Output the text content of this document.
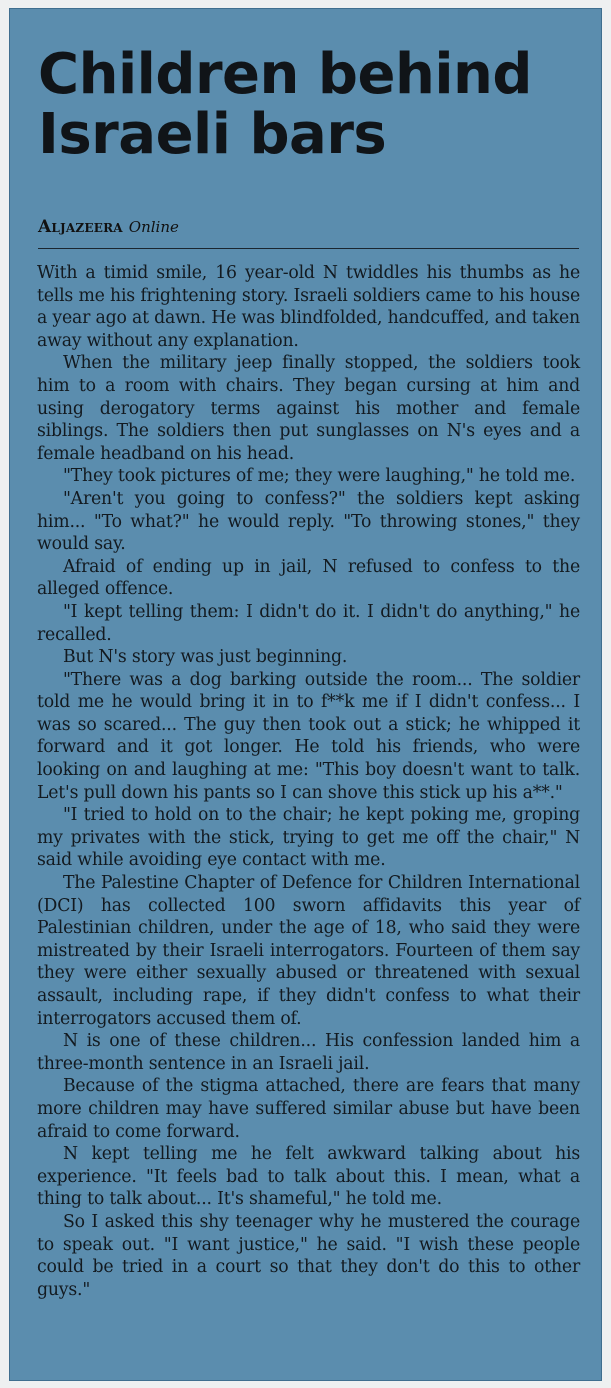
Children behind Israeli bars
Aljazeera Online

With a timid smile, 16 year-old N twiddles his thumbs as he tells me his frightening story. Israeli soldiers came to his house a year ago at dawn. He was blindfolded, handcuffed, and taken away without any explanation.

When the military jeep finally stopped, the soldiers took him to a room with chairs. They began cursing at him and using derogatory terms against his mother and female siblings. The soldiers then put sunglasses on N's eyes and a female headband on his head.

"They took pictures of me; they were laughing," he told me.

"Aren't you going to confess?" the soldiers kept asking him... "To what?" he would reply. "To throwing stones," they would say.

Afraid of ending up in jail, N refused to confess to the alleged offence.

"I kept telling them: I didn't do it. I didn't do anything," he recalled.

But N's story was just beginning.

"There was a dog barking outside the room... The soldier told me he would bring it in to f**k me if I didn't confess... I was so scared... The guy then took out a stick; he whipped it forward and it got longer. He told his friends, who were looking on and laughing at me: "This boy doesn't want to talk. Let's pull down his pants so I can shove this stick up his a**."

"I tried to hold on to the chair; he kept poking me, groping my privates with the stick, trying to get me off the chair," N said while avoiding eye contact with me.

The Palestine Chapter of Defence for Children International (DCI) has collected 100 sworn affidavits this year of Palestinian children, under the age of 18, who said they were mistreated by their Israeli interrogators. Fourteen of them say they were either sexually abused or threatened with sexual assault, including rape, if they didn't confess to what their interrogators accused them of.

N is one of these children... His confession landed him a three-month sentence in an Israeli jail.

Because of the stigma attached, there are fears that many more children may have suffered similar abuse but have been afraid to come forward.

N kept telling me he felt awkward talking about his experience. "It feels bad to talk about this. I mean, what a thing to talk about... It's shameful," he told me.

So I asked this shy teenager why he mustered the courage to speak out. "I want justice," he said. "I wish these people could be tried in a court so that they don't do this to other guys."
